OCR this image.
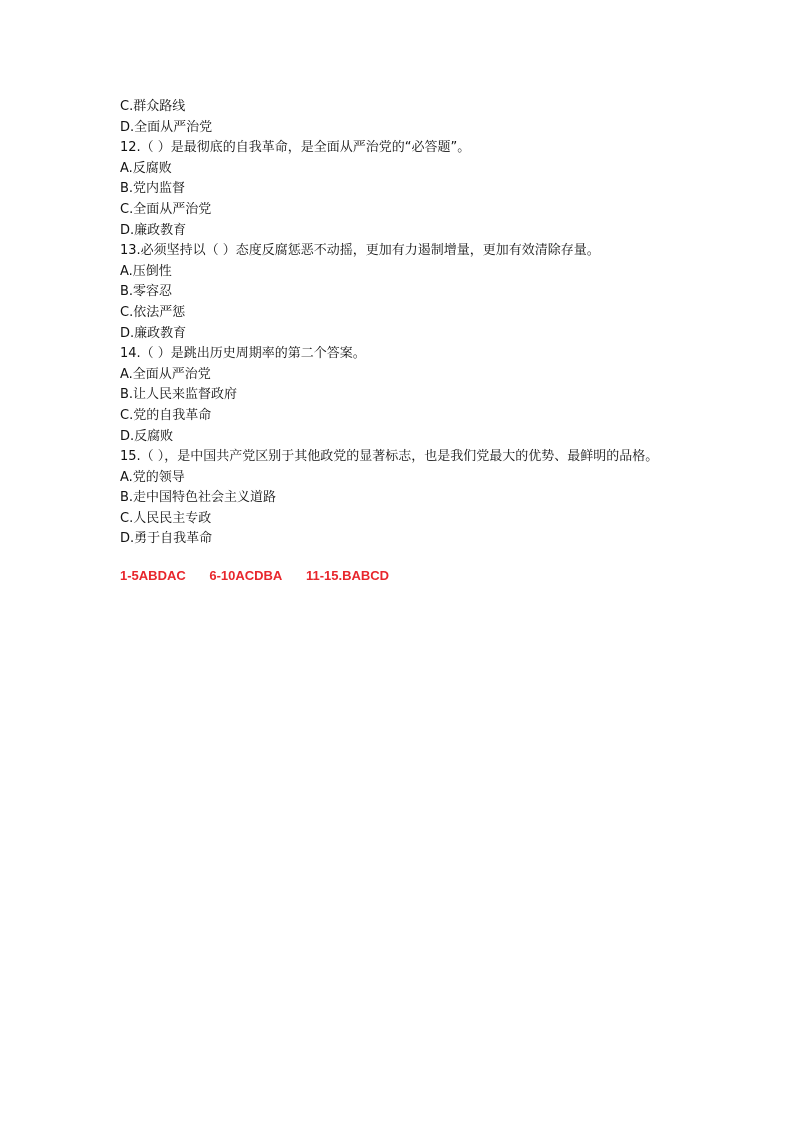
C.群众路线
D.全面从严治党
12.（ ）是最彻底的自我革命，是全面从严治党的“必答题”。
A.反腐败
B.党内监督
C.全面从严治党
D.廉政教育
13.必须坚持以（ ）态度反腐惩恶不动摇，更加有力遏制增量，更加有效清除存量。
A.压倒性
B.零容忍
C.依法严惩
D.廉政教育
14.（ ）是跳出历史周期率的第二个答案。
A.全面从严治党
B.让人民来监督政府
C.党的自我革命
D.反腐败
15.（ ），是中国共产党区别于其他政党的显著标志，也是我们党最大的优势、最鲜明的品格。
A.党的领导
B.走中国特色社会主义道路
C.人民民主专政
D.勇于自我革命
1-5ABDAC 6-10ACDBA 11-15.BABCD
